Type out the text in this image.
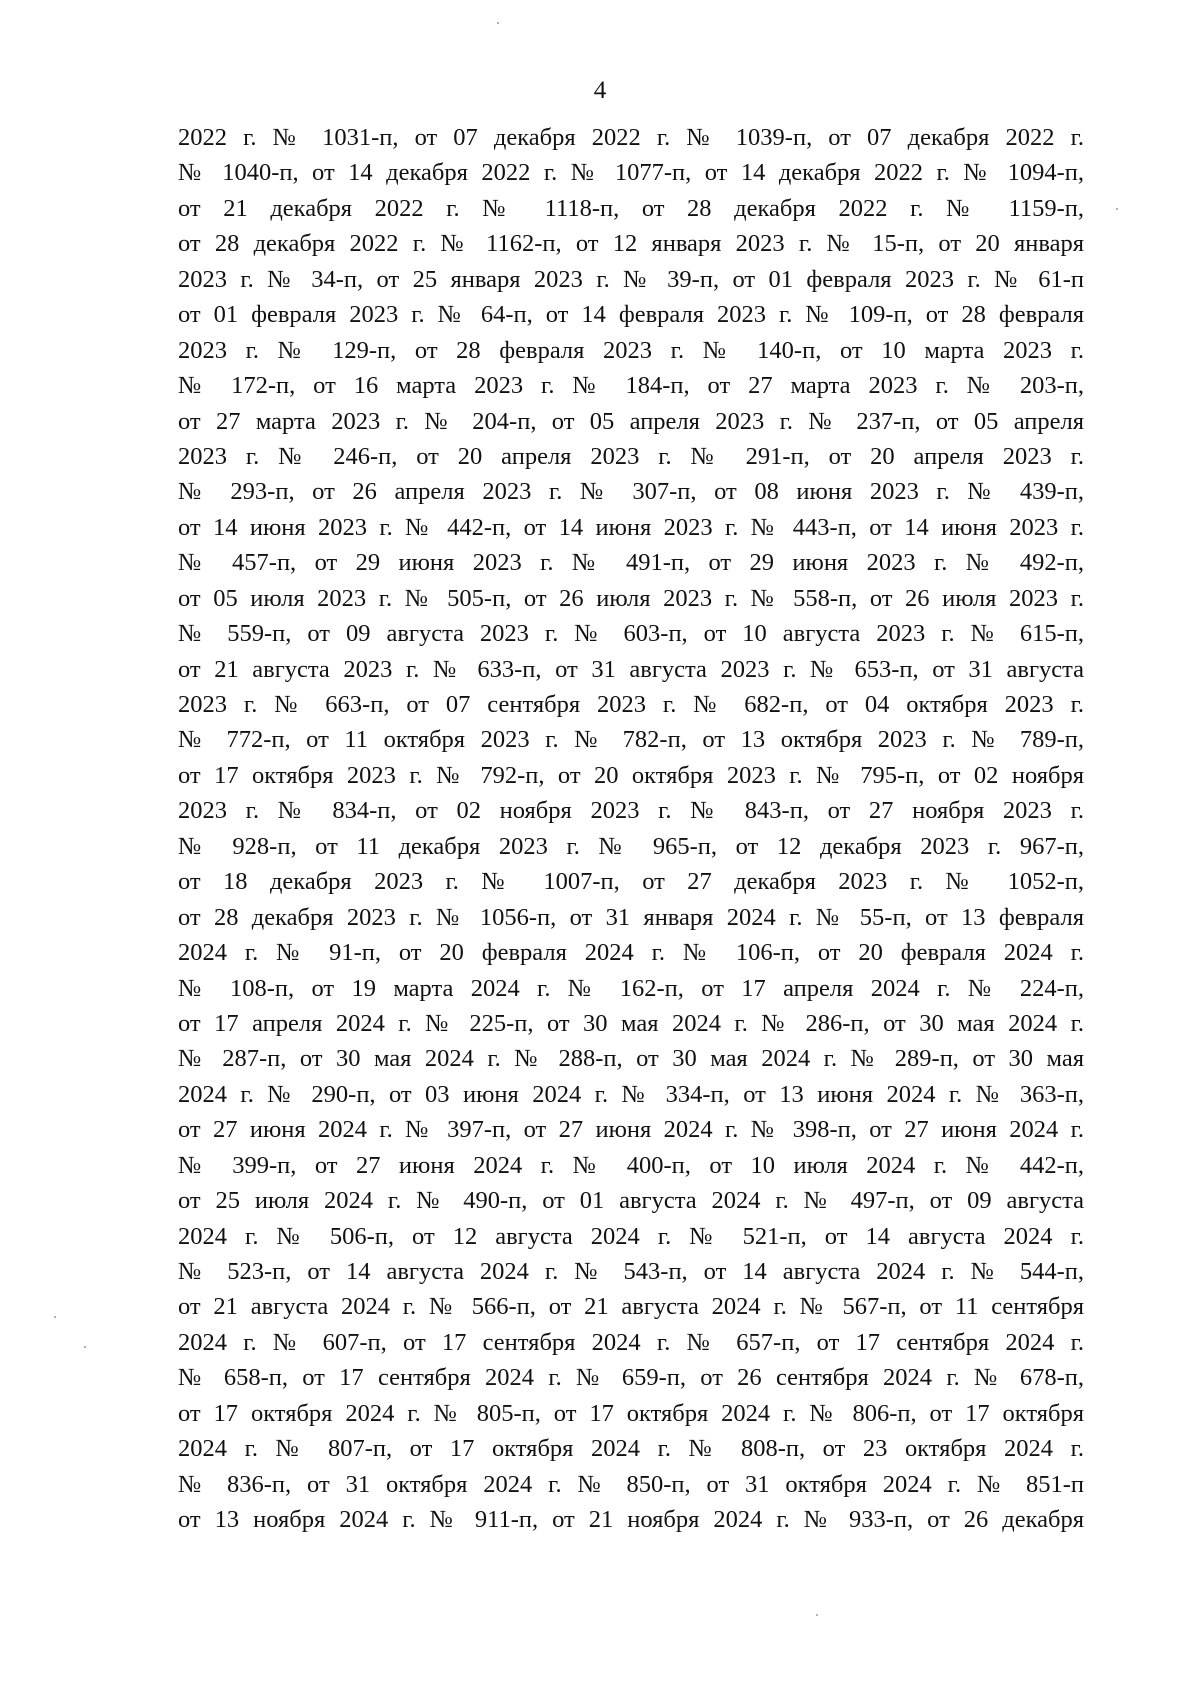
4
2022 г. № 1031-п, от 07 декабря 2022 г. № 1039-п, от 07 декабря 2022 г.
№ 1040-п, от 14 декабря 2022 г. № 1077-п, от 14 декабря 2022 г. № 1094-п,
от 21 декабря 2022 г. № 1118-п, от 28 декабря 2022 г. № 1159-п,
от 28 декабря 2022 г. № 1162-п, от 12 января 2023 г. № 15-п, от 20 января
2023 г. № 34-п, от 25 января 2023 г. № 39-п, от 01 февраля 2023 г. № 61-п
от 01 февраля 2023 г. № 64-п, от 14 февраля 2023 г. № 109-п, от 28 февраля
2023 г. № 129-п, от 28 февраля 2023 г. № 140-п, от 10 марта 2023 г.
№ 172-п, от 16 марта 2023 г. № 184-п, от 27 марта 2023 г. № 203-п,
от 27 марта 2023 г. № 204-п, от 05 апреля 2023 г. № 237-п, от 05 апреля
2023 г. № 246-п, от 20 апреля 2023 г. № 291-п, от 20 апреля 2023 г.
№ 293-п, от 26 апреля 2023 г. № 307-п, от 08 июня 2023 г. № 439-п,
от 14 июня 2023 г. № 442-п, от 14 июня 2023 г. № 443-п, от 14 июня 2023 г.
№ 457-п, от 29 июня 2023 г. № 491-п, от 29 июня 2023 г. № 492-п,
от 05 июля 2023 г. № 505-п, от 26 июля 2023 г. № 558-п, от 26 июля 2023 г.
№ 559-п, от 09 августа 2023 г. № 603-п, от 10 августа 2023 г. № 615-п,
от 21 августа 2023 г. № 633-п, от 31 августа 2023 г. № 653-п, от 31 августа
2023 г. № 663-п, от 07 сентября 2023 г. № 682-п, от 04 октября 2023 г.
№ 772-п, от 11 октября 2023 г. № 782-п, от 13 октября 2023 г. № 789-п,
от 17 октября 2023 г. № 792-п, от 20 октября 2023 г. № 795-п, от 02 ноября
2023 г. № 834-п, от 02 ноября 2023 г. № 843-п, от 27 ноября 2023 г.
№ 928-п, от 11 декабря 2023 г. № 965-п, от 12 декабря 2023 г. 967-п,
от 18 декабря 2023 г. № 1007-п, от 27 декабря 2023 г. № 1052-п,
от 28 декабря 2023 г. № 1056-п, от 31 января 2024 г. № 55-п, от 13 февраля
2024 г. № 91-п, от 20 февраля 2024 г. № 106-п, от 20 февраля 2024 г.
№ 108-п, от 19 марта 2024 г. № 162-п, от 17 апреля 2024 г. № 224-п,
от 17 апреля 2024 г. № 225-п, от 30 мая 2024 г. № 286-п, от 30 мая 2024 г.
№ 287-п, от 30 мая 2024 г. № 288-п, от 30 мая 2024 г. № 289-п, от 30 мая
2024 г. № 290-п, от 03 июня 2024 г. № 334-п, от 13 июня 2024 г. № 363-п,
от 27 июня 2024 г. № 397-п, от 27 июня 2024 г. № 398-п, от 27 июня 2024 г.
№ 399-п, от 27 июня 2024 г. № 400-п, от 10 июля 2024 г. № 442-п,
от 25 июля 2024 г. № 490-п, от 01 августа 2024 г. № 497-п, от 09 августа
2024 г. № 506-п, от 12 августа 2024 г. № 521-п, от 14 августа 2024 г.
№ 523-п, от 14 августа 2024 г. № 543-п, от 14 августа 2024 г. № 544-п,
от 21 августа 2024 г. № 566-п, от 21 августа 2024 г. № 567-п, от 11 сентября
2024 г. № 607-п, от 17 сентября 2024 г. № 657-п, от 17 сентября 2024 г.
№ 658-п, от 17 сентября 2024 г. № 659-п, от 26 сентября 2024 г. № 678-п,
от 17 октября 2024 г. № 805-п, от 17 октября 2024 г. № 806-п, от 17 октября
2024 г. № 807-п, от 17 октября 2024 г. № 808-п, от 23 октября 2024 г.
№ 836-п, от 31 октября 2024 г. № 850-п, от 31 октября 2024 г. № 851-п
от 13 ноября 2024 г. № 911-п, от 21 ноября 2024 г. № 933-п, от 26 декабря
